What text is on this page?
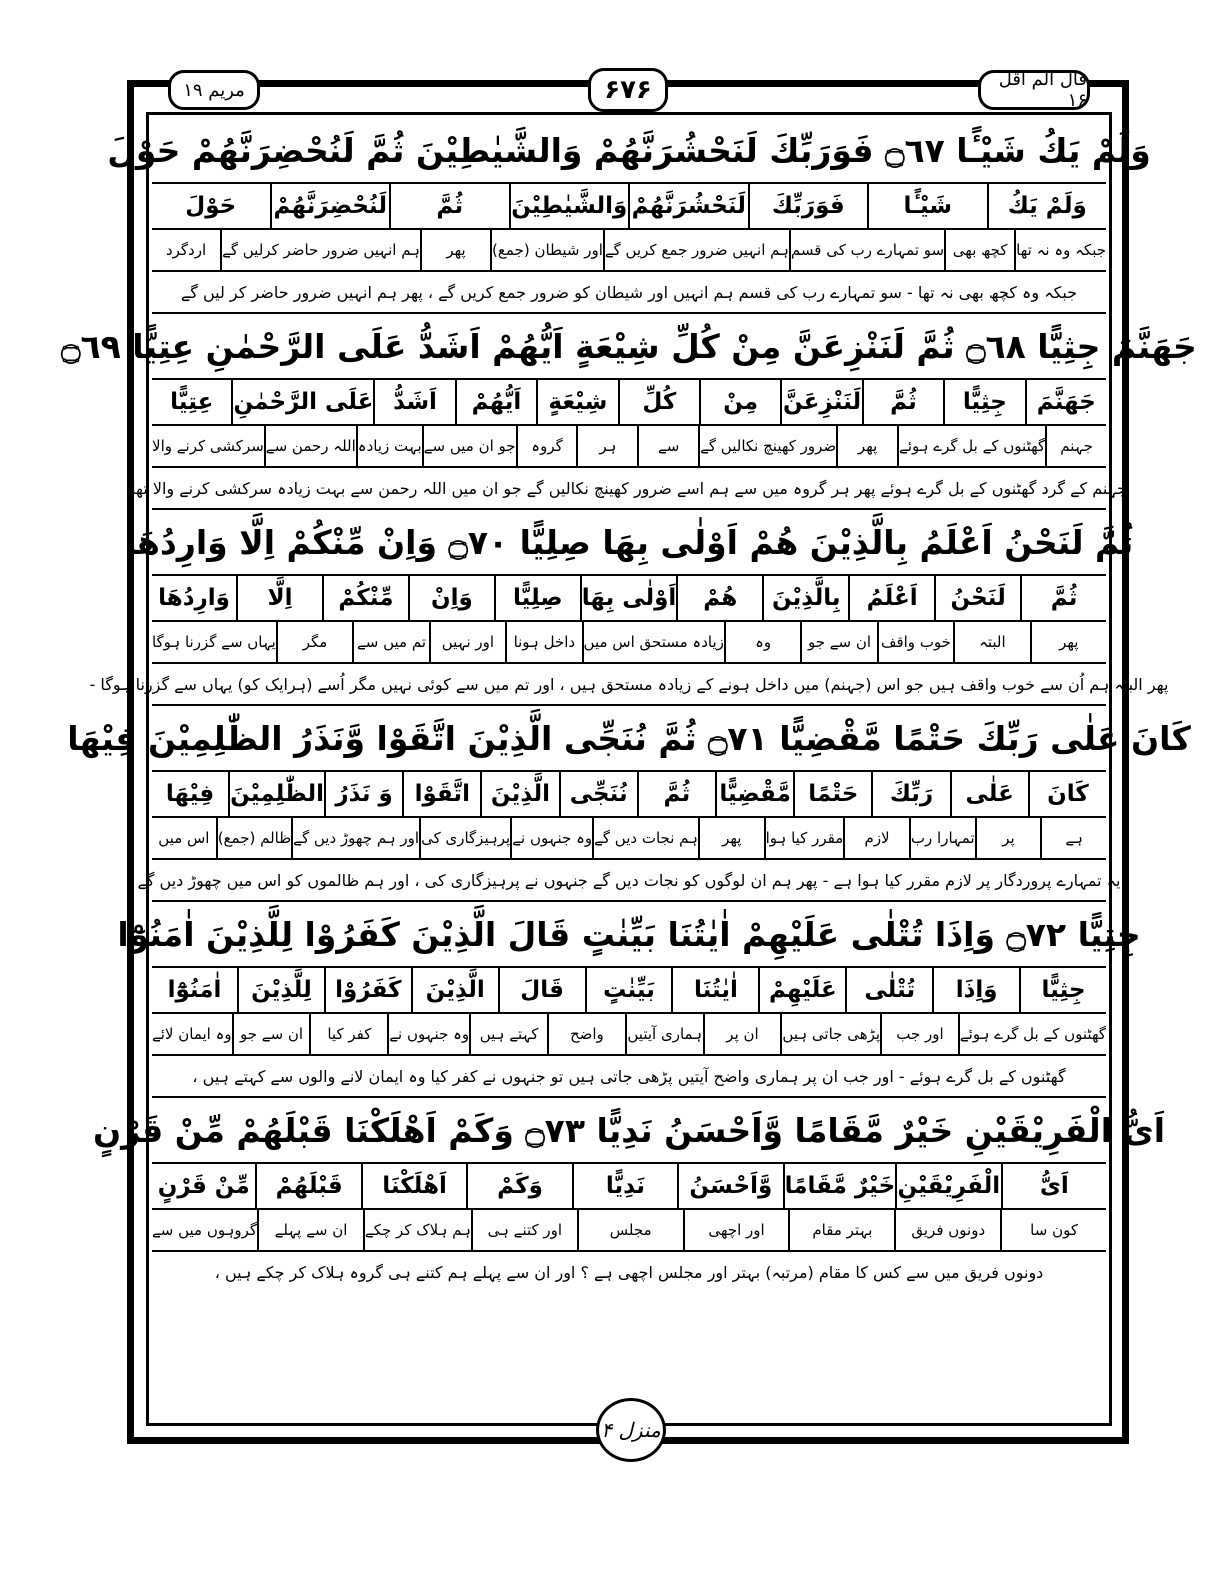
مریم ۱۹	۶۷۶	قال الم اقل ۱۶
وَلَمْ يَكُ شَيْـًٔا ۝٦٧ فَوَرَبِّكَ لَنَحْشُرَنَّهُمْ وَالشَّيٰطِيْنَ ثُمَّ لَنُحْضِرَنَّهُمْ حَوْلَ
وَلَمْ يَكُ
شَيْـًٔا
فَوَرَبِّكَ
لَنَحْشُرَنَّهُمْ
وَالشَّيٰطِيْنَ
ثُمَّ
لَنُحْضِرَنَّهُمْ
حَوْلَ
جبکہ وہ نہ تھا
کچھ بھی
سو تمہارے رب کی قسم
ہم انہیں ضرور جمع کریں گے
اور شیطان (جمع)
پھر
ہم انہیں ضرور حاضر کرلیں گے
اردگرد
جبکہ وہ کچھ بھی نہ تھا - سو تمہارے رب کی قسم ہم انہیں اور شیطان کو ضرور جمع کریں گے ، پھر ہم انہیں ضرور حاضر کر لیں گے
جَهَنَّمَ جِثِيًّا ۝٦٨ ثُمَّ لَنَنْزِعَنَّ مِنْ كُلِّ شِيْعَةٍ اَيُّهُمْ اَشَدُّ عَلَى الرَّحْمٰنِ عِتِيًّا ۝٦٩
جَهَنَّمَ
جِثِيًّا
ثُمَّ
لَنَنْزِعَنَّ
مِنْ
كُلِّ
شِيْعَةٍ
اَيُّهُمْ
اَشَدُّ
عَلَى الرَّحْمٰنِ
عِتِيًّا
جہنم
گھٹنوں کے بل گرے ہوئے
پھر
ضرور کھینچ نکالیں گے
سے
ہر
گروہ
جو ان میں سے
بہت زیادہ
اللہ رحمن سے
سرکشی کرنے والا
جہنم کے گرد گھٹنوں کے بل گرے ہوئے پھر ہر گروہ میں سے ہم اسے ضرور کھینچ نکالیں گے جو ان میں اللہ رحمن سے بہت زیادہ سرکشی کرنے والا تھا
ثُمَّ لَنَحْنُ اَعْلَمُ بِالَّذِيْنَ هُمْ اَوْلٰى بِهَا صِلِيًّا ۝٧٠ وَاِنْ مِّنْكُمْ اِلَّا وَارِدُهَا
ثُمَّ
لَنَحْنُ
اَعْلَمُ
بِالَّذِيْنَ
هُمْ
اَوْلٰى بِهَا
صِلِيًّا
وَاِنْ
مِّنْكُمْ
اِلَّا
وَارِدُهَا
پھر
البتہ
خوب واقف
ان سے جو
وہ
زیادہ مستحق اس میں
داخل ہونا
اور نہیں
تم میں سے
مگر
یہاں سے گزرنا ہوگا
پھر البتہ ہم اُن سے خوب واقف ہیں جو اس (جہنم) میں داخل ہونے کے زیادہ مستحق ہیں ، اور تم میں سے کوئی نہیں مگر اُسے (ہرایک کو) یہاں سے گزرنا ہوگا -
كَانَ عَلٰى رَبِّكَ حَتْمًا مَّقْضِيًّا ۝٧١ ثُمَّ نُنَجِّى الَّذِيْنَ اتَّقَوْا وَّنَذَرُ الظّٰلِمِيْنَ فِيْهَا
كَانَ
عَلٰى
رَبِّكَ
حَتْمًا
مَّقْضِيًّا
ثُمَّ
نُنَجِّى
الَّذِيْنَ
اتَّقَوْا
وَ نَذَرُ
الظّٰلِمِيْنَ
فِيْهَا
ہے
پر
تمہارا رب
لازم
مقرر کیا ہوا
پھر
ہم نجات دیں گے
وہ جنہوں نے
پرہیزگاری کی
اور ہم چھوڑ دیں گے
ظالم (جمع)
اس میں
یہ تمہارے پروردگار پر لازم مقرر کیا ہوا ہے - پھر ہم ان لوگوں کو نجات دیں گے جنہوں نے پرہیزگاری کی ، اور ہم ظالموں کو اس میں چھوڑ دیں گے
جِثِيًّا ۝٧٢ وَاِذَا تُتْلٰى عَلَيْهِمْ اٰيٰتُنَا بَيِّنٰتٍ قَالَ الَّذِيْنَ كَفَرُوْا لِلَّذِيْنَ اٰمَنُوْٓا
جِثِيًّا
وَاِذَا
تُتْلٰى
عَلَيْهِمْ
اٰيٰتُنَا
بَيِّنٰتٍ
قَالَ
الَّذِيْنَ
كَفَرُوْا
لِلَّذِيْنَ
اٰمَنُوْٓا
گھٹنوں کے بل گرے ہوئے
اور جب
پڑھی جاتی ہیں
ان پر
ہماری آیتیں
واضح
کہتے ہیں
وہ جنہوں نے
کفر کیا
ان سے جو
وہ ایمان لائے
گھٹنوں کے بل گرے ہوئے - اور جب ان پر ہماری واضح آیتیں پڑھی جاتی ہیں تو جنہوں نے کفر کیا وہ ایمان لانے والوں سے کہتے ہیں ،
اَىُّ الْفَرِيْقَيْنِ خَيْرٌ مَّقَامًا وَّاَحْسَنُ نَدِيًّا ۝٧٣ وَكَمْ اَهْلَكْنَا قَبْلَهُمْ مِّنْ قَرْنٍ
اَىُّ
الْفَرِيْقَيْنِ
خَيْرٌ مَّقَامًا
وَّاَحْسَنُ
نَدِيًّا
وَكَمْ
اَهْلَكْنَا
قَبْلَهُمْ
مِّنْ قَرْنٍ
کون سا
دونوں فریق
بہتر مقام
اور اچھی
مجلس
اور کتنے ہی
ہم ہلاک کر چکے
ان سے پہلے
گروہوں میں سے
دونوں فریق میں سے کس کا مقام (مرتبہ) بہتر اور مجلس اچھی ہے ؟ اور ان سے پہلے ہم کتنے ہی گروہ ہلاک کر چکے ہیں ،
منزل ۴
